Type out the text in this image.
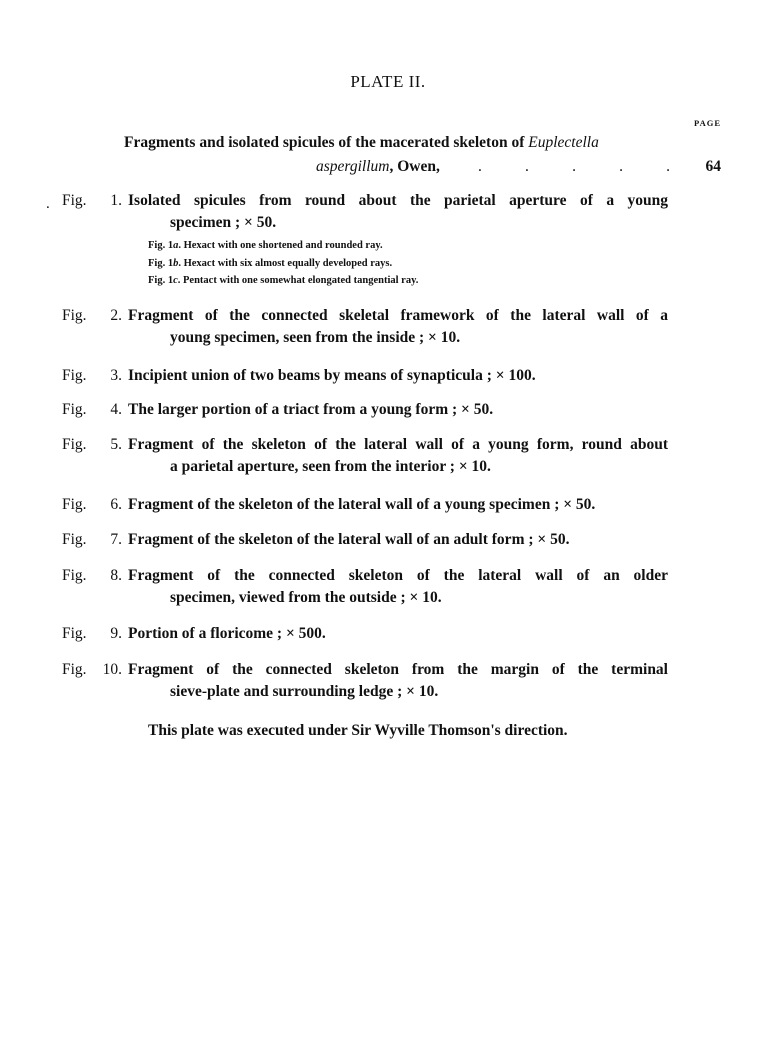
PLATE II.
PAGE
Fragments and isolated spicules of the macerated skeleton of Euplectella
aspergillum, Owen, .	.	.	.	. 64
. Fig.	1. Isolated spicules from round about the parietal aperture of a young
specimen ; × 50.
Fig. 1a. Hexact with one shortened and rounded ray.
Fig. 1b. Hexact with six almost equally developed rays.
Fig. 1c. Pentact with one somewhat elongated tangential ray.
Fig.	2. Fragment of the connected skeletal framework of the lateral wall of a
young specimen, seen from the inside ; × 10.
Fig.	3. Incipient union of two beams by means of synapticula ; × 100.
Fig.	4. The larger portion of a triact from a young form ; × 50.
Fig.	5. Fragment of the skeleton of the lateral wall of a young form, round about
a parietal aperture, seen from the interior ; × 10.
Fig.	6. Fragment of the skeleton of the lateral wall of a young specimen ; × 50.
Fig.	7. Fragment of the skeleton of the lateral wall of an adult form ; × 50.
Fig.	8. Fragment of the connected skeleton of the lateral wall of an older
specimen, viewed from the outside ; × 10.
Fig.	9. Portion of a floricome ; × 500.
Fig.	10. Fragment of the connected skeleton from the margin of the terminal
sieve-plate and surrounding ledge ; × 10.
This plate was executed under Sir Wyville Thomson's direction.
